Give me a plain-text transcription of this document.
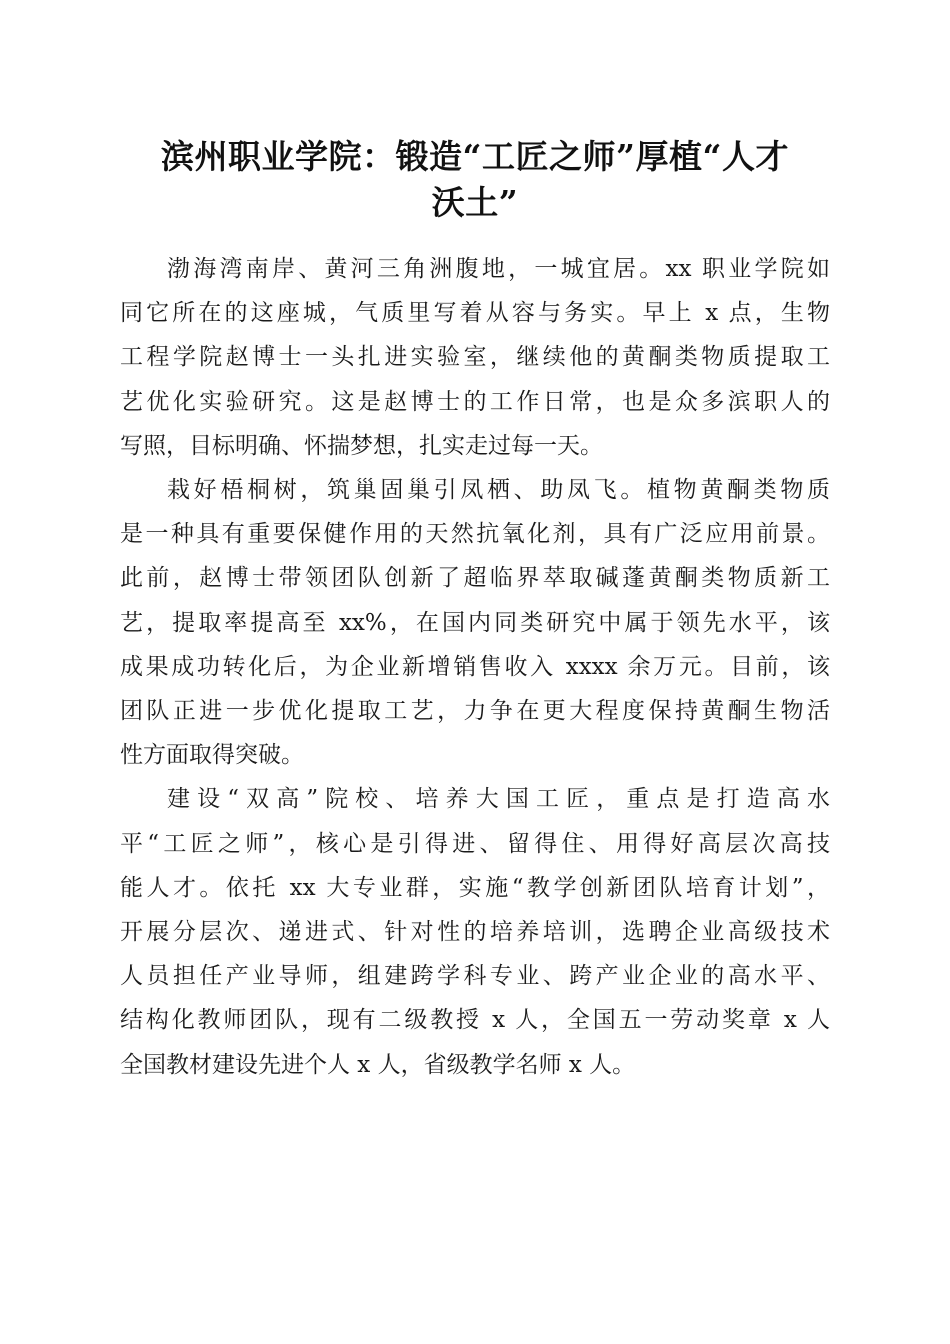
滨州职业学院：锻造“工匠之师”厚植“人才
沃土”

渤海湾南岸、黄河三角洲腹地，一城宜居。xx 职业学院如
同它所在的这座城，气质里写着从容与务实。早上 x 点，生物
工程学院赵博士一头扎进实验室，继续他的黄酮类物质提取工
艺优化实验研究。这是赵博士的工作日常，也是众多滨职人的
写照，目标明确、怀揣梦想，扎实走过每一天。

栽好梧桐树，筑巢固巢引凤栖、助凤飞。植物黄酮类物质
是一种具有重要保健作用的天然抗氧化剂，具有广泛应用前景。
此前，赵博士带领团队创新了超临界萃取碱蓬黄酮类物质新工
艺，提取率提高至 xx%，在国内同类研究中属于领先水平，该
成果成功转化后，为企业新增销售收入 xxxx 余万元。目前，该
团队正进一步优化提取工艺，力争在更大程度保持黄酮生物活
性方面取得突破。

建设“双高”院校、培养大国工匠，重点是打造高水
平“工匠之师”，核心是引得进、留得住、用得好高层次高技
能人才。依托 xx 大专业群，实施“教学创新团队培育计划”，
开展分层次、递进式、针对性的培养培训，选聘企业高级技术
人员担任产业导师，组建跨学科专业、跨产业企业的高水平、
结构化教师团队，现有二级教授 x 人，全国五一劳动奖章 x 人
全国教材建设先进个人 x 人，省级教学名师 x 人。
